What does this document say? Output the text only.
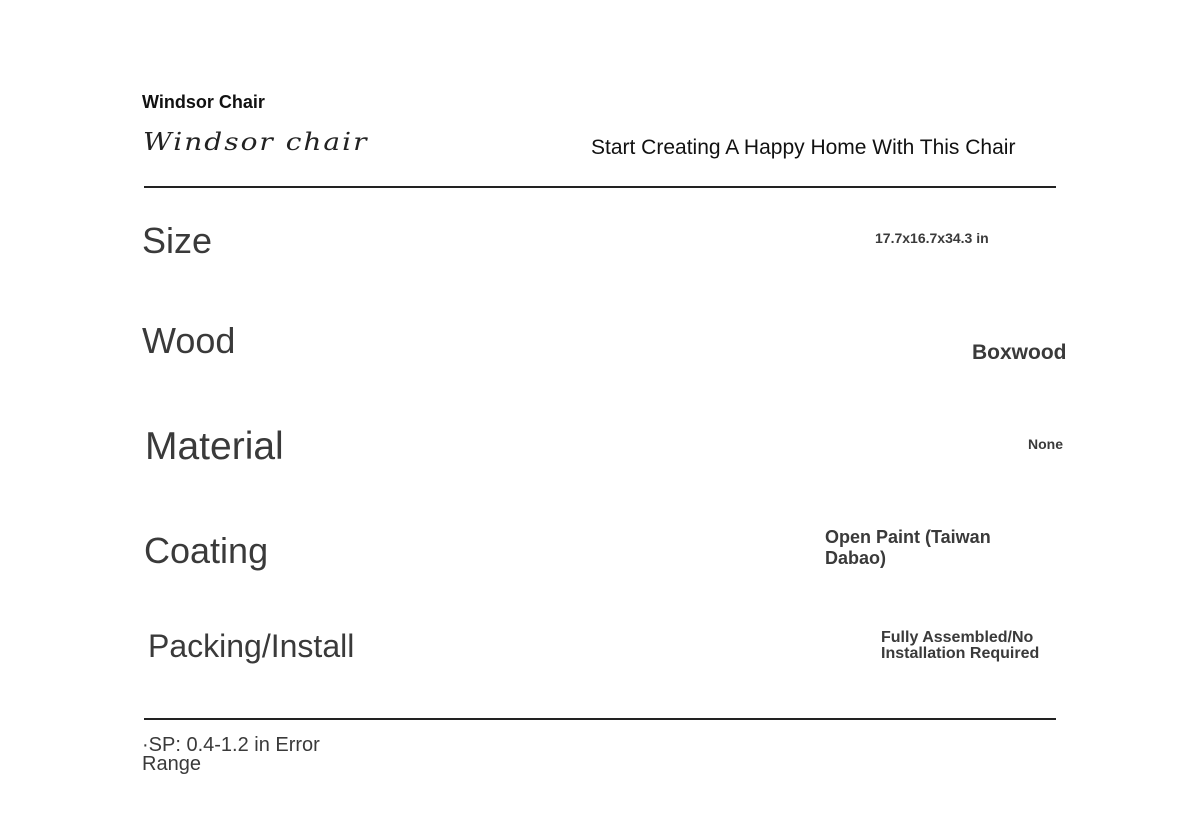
Windsor Chair
Windsor chair	Start Creating A Happy Home With This Chair
Size	17.7x16.7x34.3 in
Wood	Boxwood
Material	None
Coating	Open Paint (Taiwan Dabao)
Packing/Install	Fully Assembled/No Installation Required
·SP: 0.4-1.2 in Error Range
